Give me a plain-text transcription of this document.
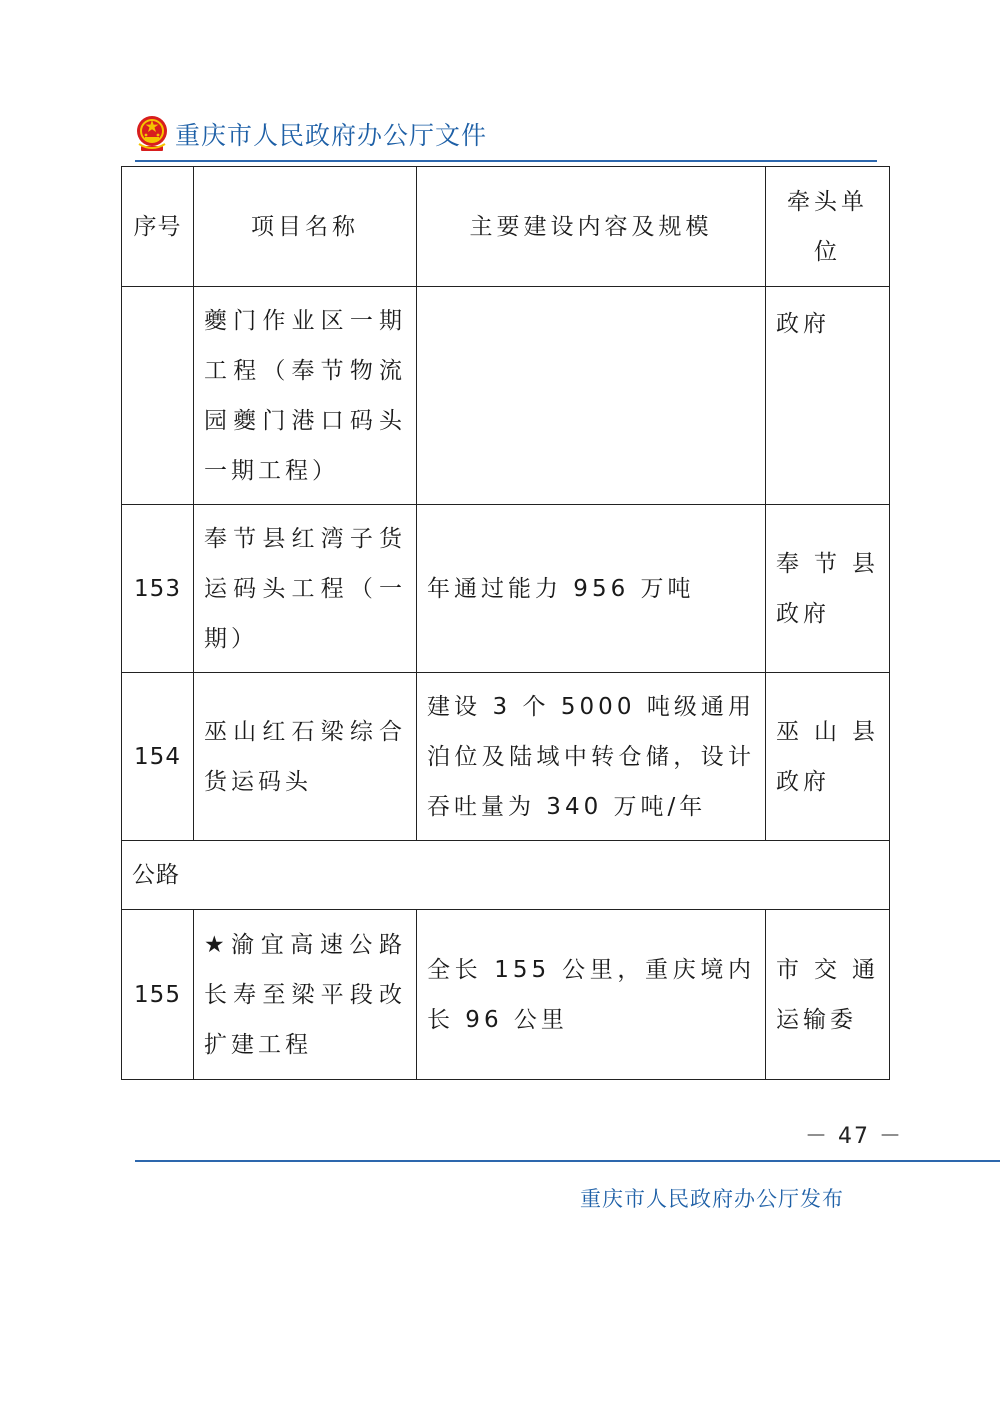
重庆市人民政府办公厅文件
序号	项目名称	主要建设内容及规模	牵头单位
	夔门作业区一期工程（奉节物流园夔门港口码头一期工程）		政府
153	奉节县红湾子货运码头工程（一期）	年通过能力 956 万吨	奉节县政府
154	巫山红石梁综合货运码头	建设 3 个 5000 吨级通用泊位及陆域中转仓储，设计吞吐量为 340 万吨/年	巫山县政府
公路			
155	★渝宜高速公路长寿至梁平段改扩建工程	全长 155 公里，重庆境内长 96 公里	市交通运输委
－ 47 －
重庆市人民政府办公厅发布
